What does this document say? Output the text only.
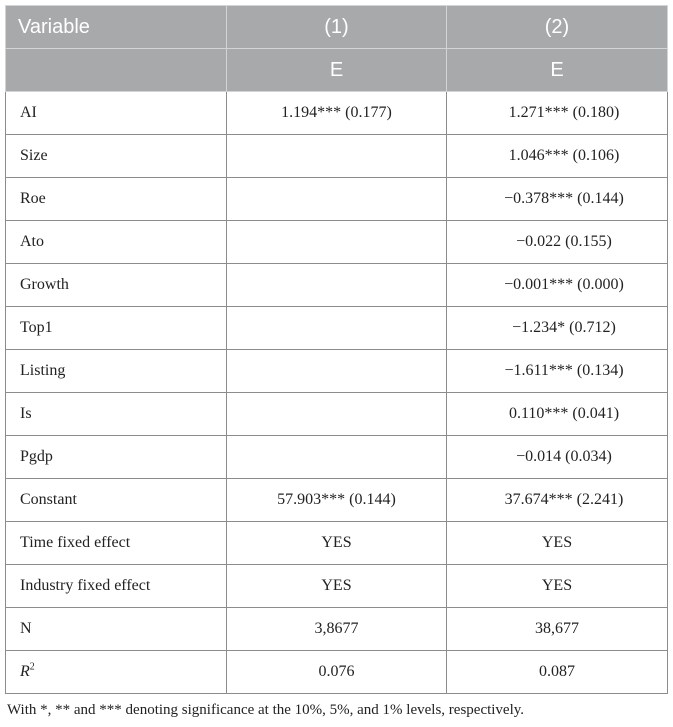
Variable	(1)	(2)
	E	E
AI	1.194*** (0.177)	1.271*** (0.180)
Size		1.046*** (0.106)
Roe		−0.378*** (0.144)
Ato		−0.022 (0.155)
Growth		−0.001*** (0.000)
Top1		−1.234* (0.712)
Listing		−1.611*** (0.134)
Is		0.110*** (0.041)
Pgdp		−0.014 (0.034)
Constant	57.903*** (0.144)	37.674*** (2.241)
Time fixed effect	YES	YES
Industry fixed effect	YES	YES
N	3,8677	38,677
$R^2$	0.076	0.087
With *, ** and *** denoting significance at the 10%, 5%, and 1% levels, respectively.
